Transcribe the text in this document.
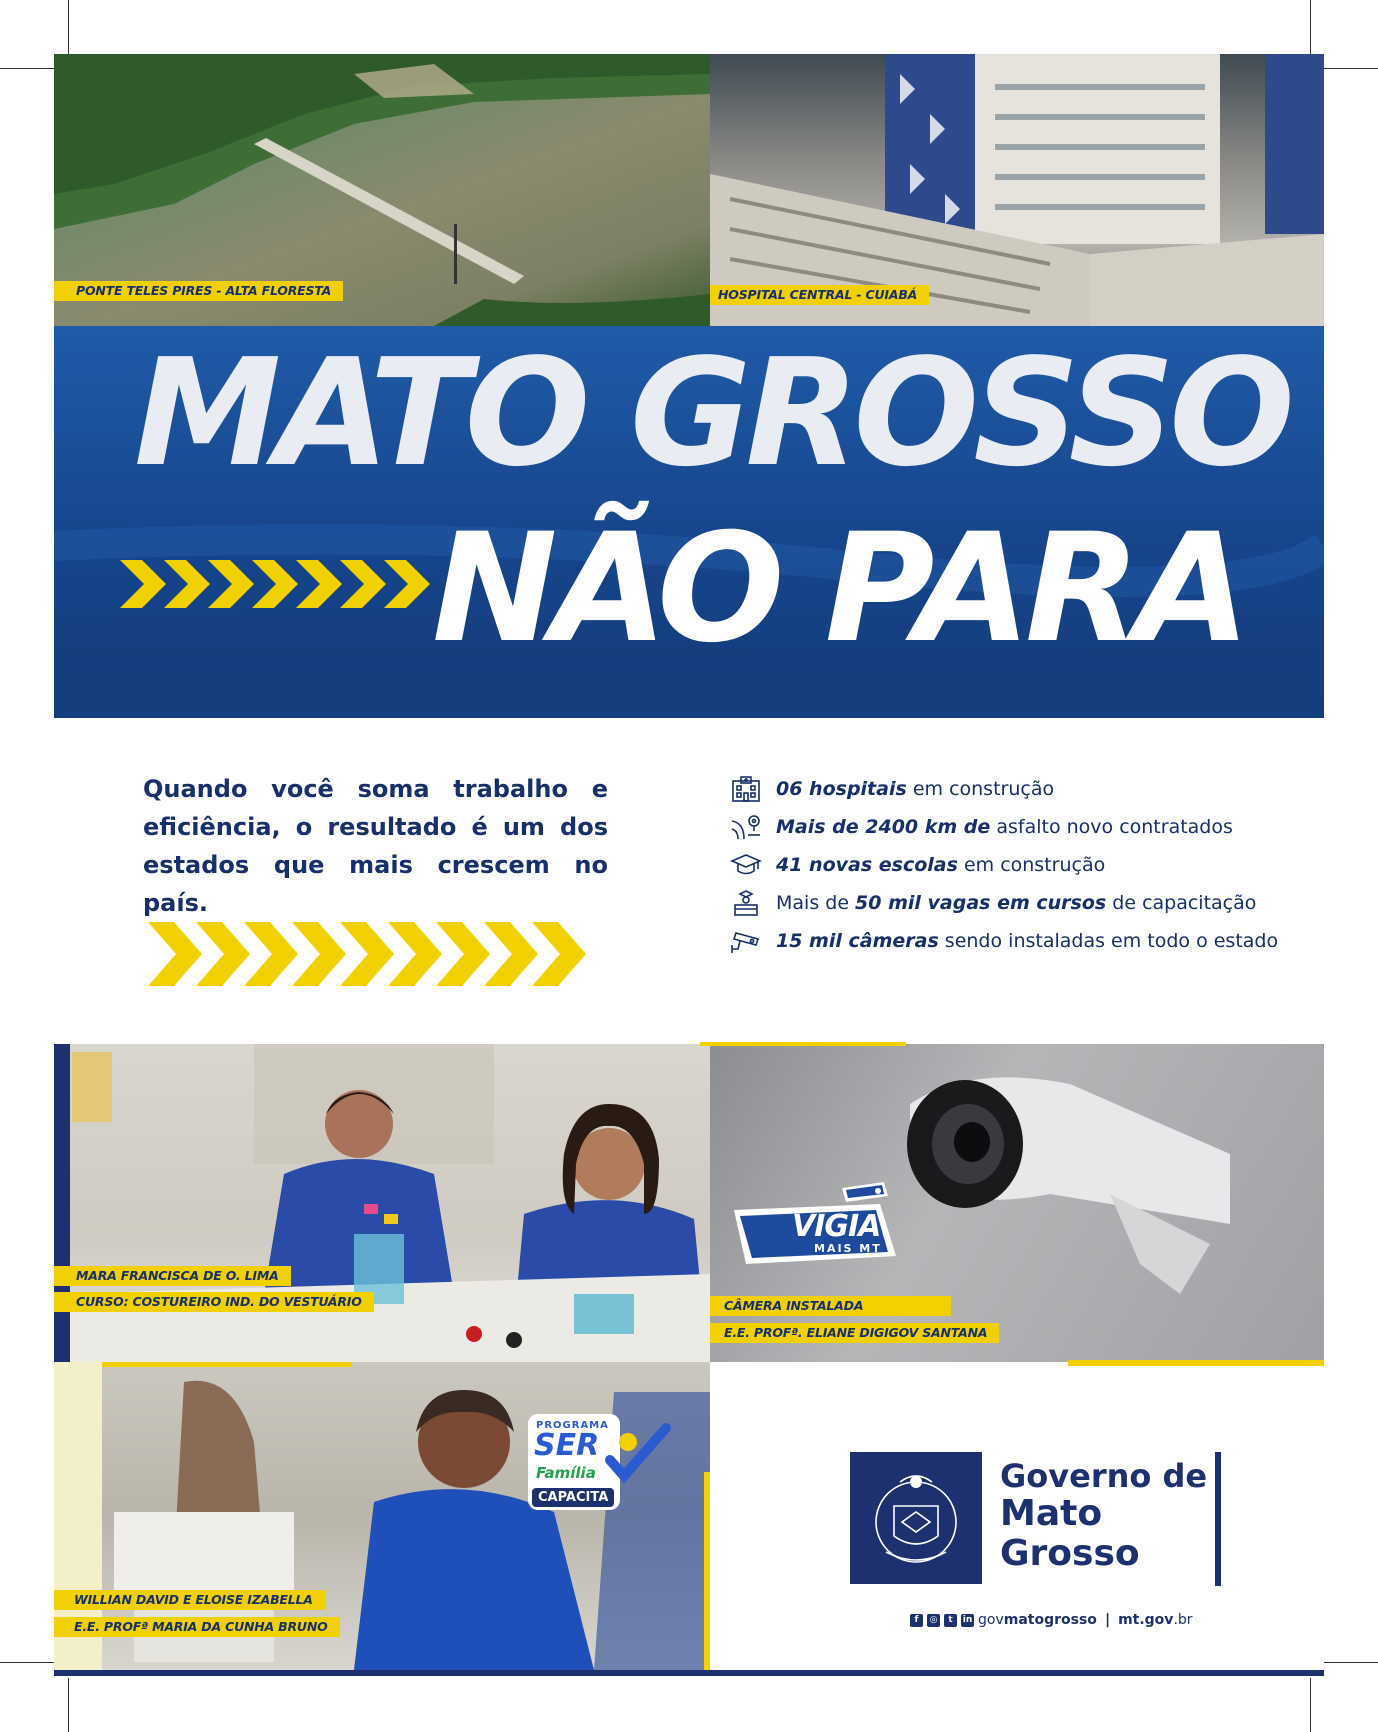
PONTE TELES PIRES - ALTA FLORESTA	HOSPITAL CENTRAL - CUIABÁ
MATO GROSSO
NÃO PARA
Quando você soma trabalho e eficiência, o resultado é um dos estados que mais crescem no país.
06 hospitais em construção
Mais de 2400 km de asfalto novo contratados
41 novas escolas em construção
Mais de 50 mil vagas em cursos de capacitação
15 mil câmeras sendo instaladas em todo o estado
MARA FRANCISCA DE O. LIMA
CURSO: COSTUREIRO IND. DO VESTUÁRIO
VIGIA
MAIS MT
CÂMERA INSTALADA
E.E. PROFª. ELIANE DIGIGOV SANTANA
PROGRAMA
SER
Família
CAPACITA
WILLIAN DAVID E ELOISE IZABELLA
E.E. PROFª MARIA DA CUNHA BRUNO
Governo de
Mato
Grosso
f	◎	t	in govmatogrosso | mt.gov.br
